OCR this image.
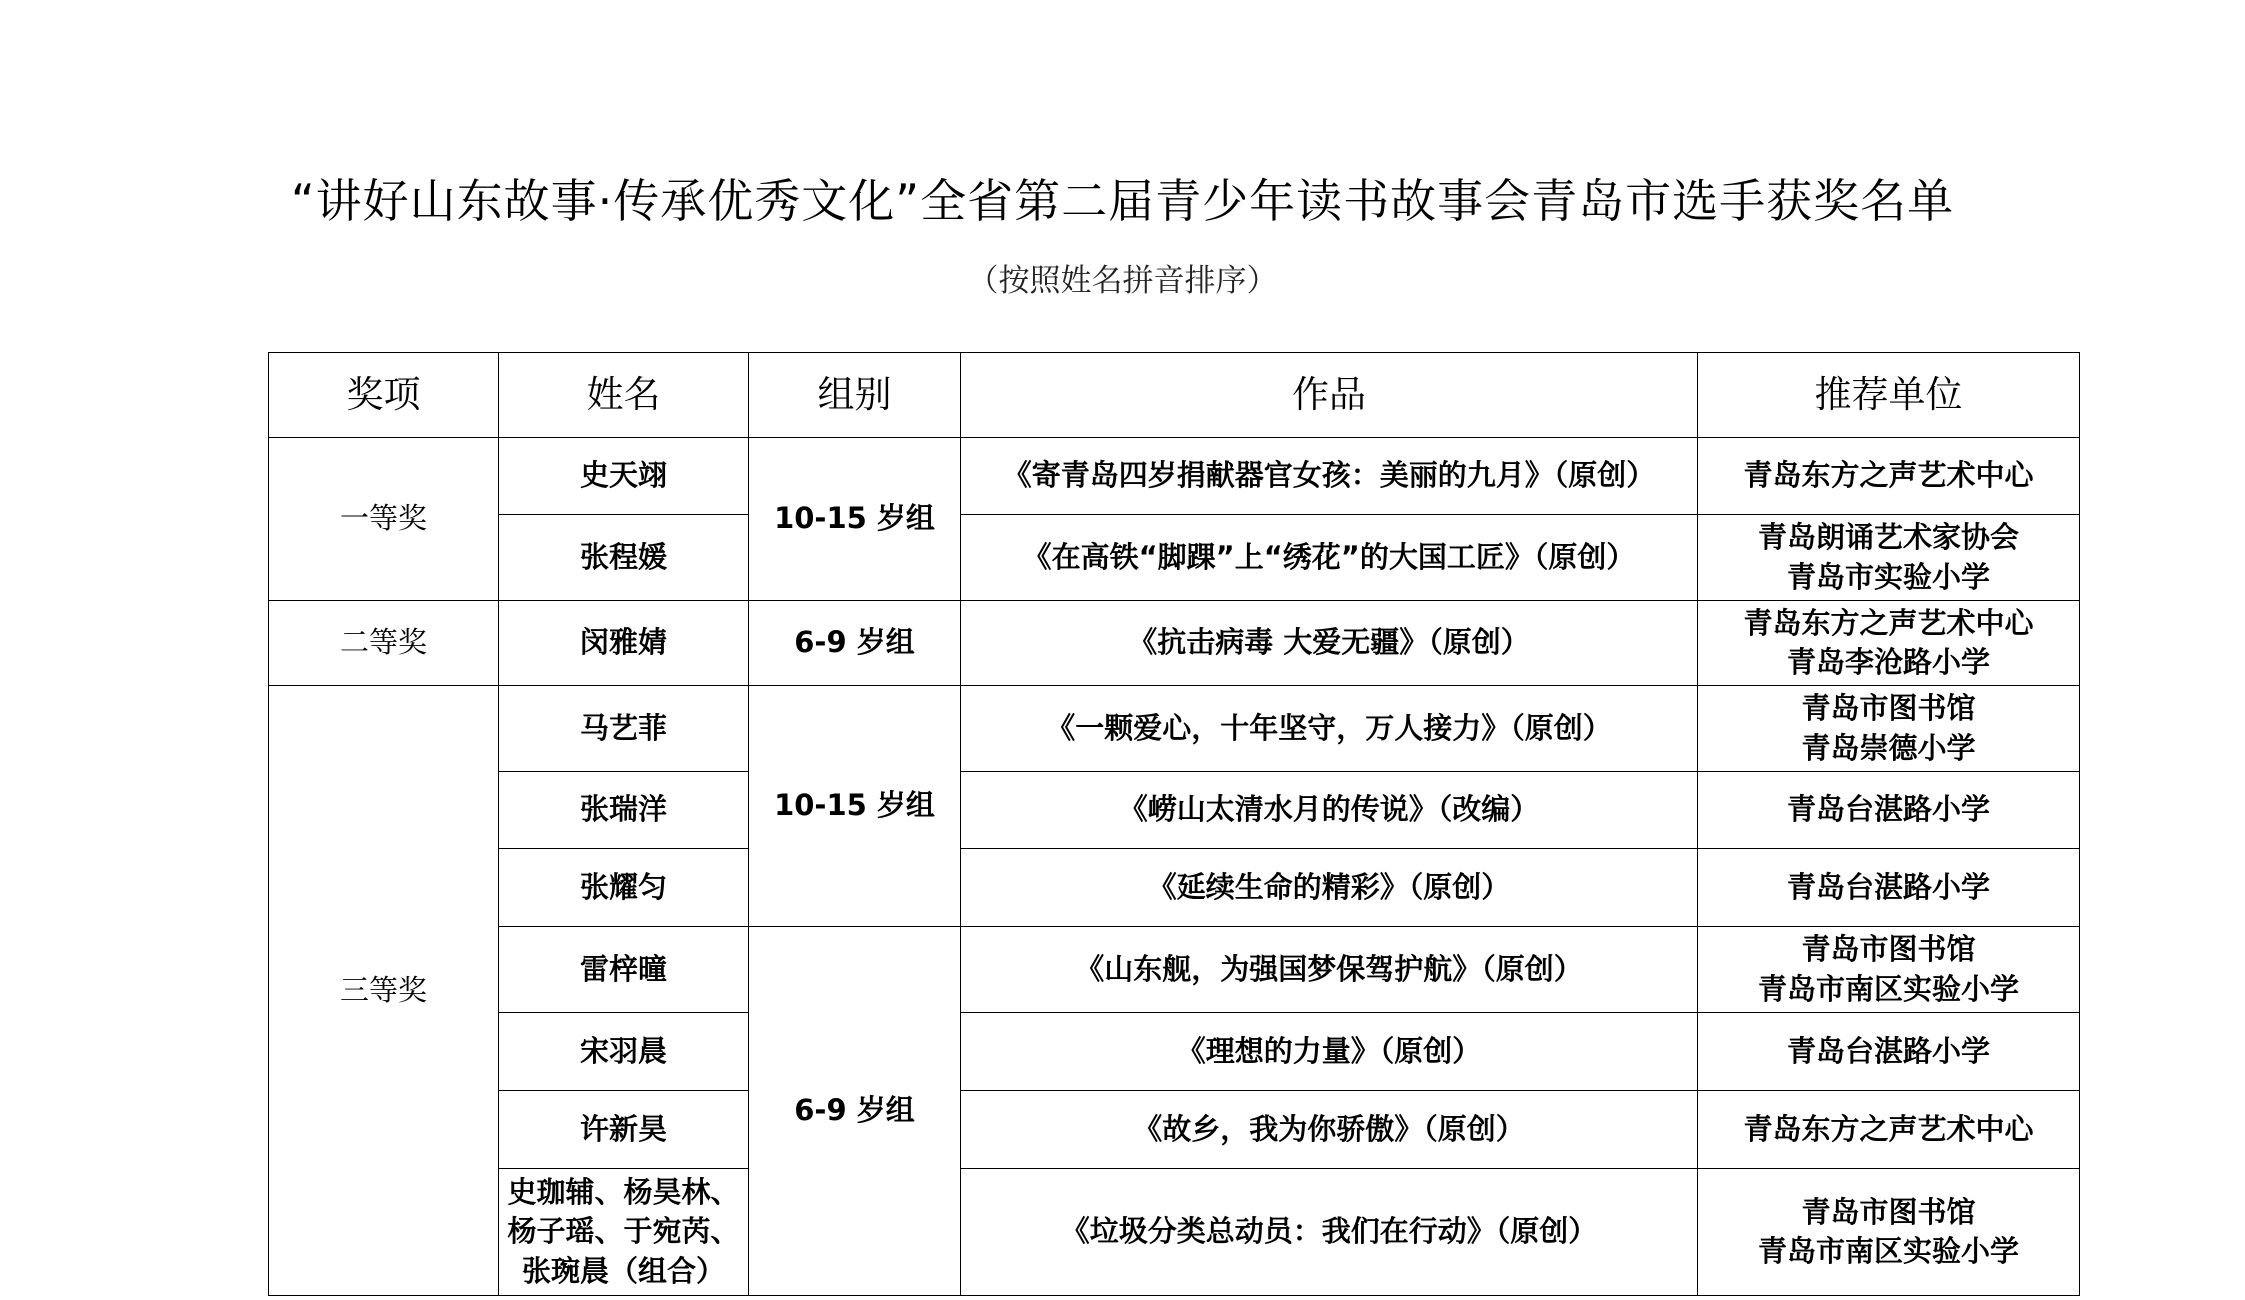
“讲好山东故事·传承优秀文化”全省第二届青少年读书故事会青岛市选手获奖名单
（按照姓名拼音排序）
奖项	姓名	组别	作品	推荐单位
一等奖	史天翊	10-15 岁组	《寄青岛四岁捐献器官女孩：美丽的九月》（原创）	青岛东方之声艺术中心

	张程媛		《在高铁“脚踝”上“绣花”的大国工匠》（原创）	青岛朗诵艺术家协会
青岛市实验小学

二等奖	闵雅婧	6-9 岁组	《抗击病毒 大爱无疆》（原创）	青岛东方之声艺术中心
青岛李沧路小学

三等奖	马艺菲	10-15 岁组	《一颗爱心，十年坚守，万人接力》（原创）	青岛市图书馆
青岛崇德小学

	张瑞洋		《崂山太清水月的传说》（改编）	青岛台湛路小学

	张耀匀		《延续生命的精彩》（原创）	青岛台湛路小学

	雷梓曈	6-9 岁组	《山东舰，为强国梦保驾护航》（原创）	青岛市图书馆
青岛市南区实验小学

	宋羽晨		《理想的力量》（原创）	青岛台湛路小学

	许新昊		《故乡，我为你骄傲》（原创）	青岛东方之声艺术中心

	史珈辅、杨昊林、
杨子瑶、于宛芮、
张琬晨（组合）		《垃圾分类总动员：我们在行动》（原创）	青岛市图书馆
青岛市南区实验小学
